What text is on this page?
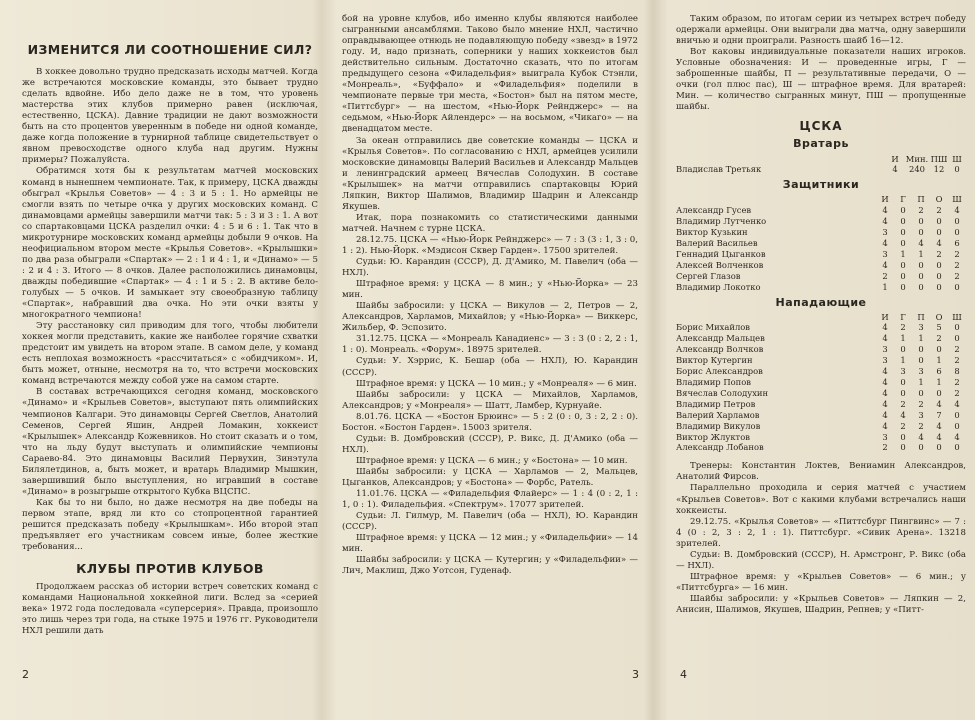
ИЗМЕНИТСЯ ЛИ СООТНОШЕНИЕ СИЛ?

В хоккее довольно трудно предсказать исходы матчей. Когда же встречаются московские команды, это бывает трудно сделать вдвойне. Ибо дело даже не в том, что уровень мастерства этих клубов примерно равен (исключая, естественно, ЦСКА). Давние традиции не дают возможности быть на сто процентов уверенным в победе ни одной команде, даже когда положение в турнирной таблице свидетельствует о явном превосходстве одного клуба над другим. Нужны примеры? Пожалуйста.

Обратимся хотя бы к результатам матчей московских команд в нынешнем чемпионате. Так, к примеру, ЦСКА дважды обыграл «Крылья Советов» — 4 : 3 и 5 : 1. Но армейцы не смогли взять по четыре очка у других московских команд. С динамовцами армейцы завершили матчи так: 5 : 3 и 3 : 1. А вот со спартаковцами ЦСКА разделил очки: 4 : 5 и 6 : 1. Так что в микротурнире московских команд армейцы добыли 9 очков. На неофициальном втором месте «Крылья Советов». «Крылышки» по два раза обыграли «Спартак» — 2 : 1 и 4 : 1, и «Динамо» — 5 : 2 и 4 : 3. Итого — 8 очков. Далее расположились динамовцы, дважды победившие «Спартак» — 4 : 1 и 5 : 2. В активе бело-голубых — 5 очков. И замыкает эту своеобразную таблицу «Спартак», набравший два очка. Но эти очки взяты у многократного чемпиона!

Эту расстановку сил приводим для того, чтобы любители хоккея могли представить, какие же наиболее горячие схватки предстоит им увидеть на втором этапе. В самом деле, у команд есть неплохая возможность «рассчитаться» с «обидчиком». И, быть может, отныне, несмотря на то, что встречи московских команд встречаются между собой уже на самом старте.

В составах встречающихся сегодня команд, московского «Динамо» и «Крыльев Советов», выступают пять олимпийских чемпионов Калгари. Это динамовцы Сергей Светлов, Анатолий Семенов, Сергей Яшин, Андрей Ломакин, хоккеист «Крылышек» Александр Кожевников. Но стоит сказать и о том, что на льду будут выступать и олимпийские чемпионы Сараево-84. Это динамовцы Василий Первухин, Зинэтула Билялетдинов, а, быть может, и вратарь Владимир Мышкин, завершивший было выступления, но игравший в составе «Динамо» в розыгрыше открытого Кубка ВЦСПС.

Как бы то ни было, но даже несмотря на две победы на первом этапе, вряд ли кто со стопроцентной гарантией решится предсказать победу «Крылышкам». Ибо второй этап предъявляет его участникам совсем иные, более жесткие требования...

КЛУБЫ ПРОТИВ КЛУБОВ

Продолжаем рассказ об истории встреч советских команд с командами Национальной хоккейной лиги. Вслед за «серией века» 1972 года последовала «суперсерия». Правда, произошло это лишь через три года, на стыке 1975 и 1976 гг. Руководители НХЛ решили дать

бой на уровне клубов, ибо именно клубы являются наиболее сыгранными ансамблями. Таково было мнение НХЛ, частично оправдывающее отнюдь не подавляющую победу «звезд» в 1972 году. И, надо признать, соперники у наших хоккеистов был действительно сильным. Достаточно сказать, что по итогам предыдущего сезона «Филадельфия» выиграла Кубок Стэнли, «Монреаль», «Буффало» и «Филадельфия» поделили в чемпионате первые три места, «Бостон» был на пятом месте, «Питтсбург» — на шестом, «Нью-Йорк Рейнджерс» — на седьмом, «Нью-Йорк Айлендерс» — на восьмом, «Чикаго» — на двенадцатом месте.

За океан отправились две советские команды — ЦСКА и «Крылья Советов». По согласованию с НХЛ, армейцев усилили московские динамовцы Валерий Васильев и Александр Мальцев и ленинградский армеец Вячеслав Солодухин. В составе «Крылышек» на матчи отправились спартаковцы Юрий Ляпкин, Виктор Шалимов, Владимир Шадрин и Александр Якушев.

Итак, пора познакомить со статистическими данными матчей. Начнем с турне ЦСКА.

28.12.75. ЦСКА — «Нью-Йорк Рейнджерс» — 7 : 3 (3 : 1, 3 : 0, 1 : 2). Нью-Йорк. «Мэдисон Сквер Гарден». 17500 зрителей.

Судьи: Ю. Карандин (СССР), Д. Д'Амико, М. Павелич (оба — НХЛ).

Штрафное время: у ЦСКА — 8 мин.; у «Нью-Йорка» — 23 мин.

Шайбы забросили: у ЦСКА — Викулов — 2, Петров — 2, Александров, Харламов, Михайлов; у «Нью-Йорка» — Виккерс, Жильбер, Ф. Эспозито.

31.12.75. ЦСКА — «Монреаль Канадиенс» — 3 : 3 (0 : 2, 2 : 1, 1 : 0). Монреаль. «Форум». 18975 зрителей.

Судьи: У. Хэррис, К. Бешар (оба — НХЛ), Ю. Карандин (СССР).

Штрафное время: у ЦСКА — 10 мин.; у «Монреаля» — 6 мин.

Шайбы забросили: у ЦСКА — Михайлов, Харламов, Александров; у «Монреаля» — Шатт, Ламбер, Курнуайе.

8.01.76. ЦСКА — «Бостон Брюинс» — 5 : 2 (0 : 0, 3 : 2, 2 : 0). Бостон. «Бостон Гарден». 15003 зрителя.

Судьи: В. Домбровский (СССР), Р. Викс, Д. Д'Амико (оба — НХЛ).

Штрафное время: у ЦСКА — 6 мин.; у «Бостона» — 10 мин.

Шайбы забросили: у ЦСКА — Харламов — 2, Мальцев, Цыганков, Александров; у «Бостона» — Форбс, Ратель.

11.01.76. ЦСКА — «Филадельфия Флайерс» — 1 : 4 (0 : 2, 1 : 1, 0 : 1). Филадельфия. «Спектрум». 17077 зрителей.

Судьи: Л. Гилмур, М. Павелич (оба — НХЛ), Ю. Карандин (СССР).

Штрафное время: у ЦСКА — 12 мин.; у «Филадельфии» — 14 мин.

Шайбы забросили: у ЦСКА — Кутергин; у «Филадельфии» — Лич, Маклиш, Джо Уотсон, Гуденаф.

Таким образом, по итогам серии из четырех встреч победу одержали армейцы. Они выиграли два матча, одну завершили вничью и одни проиграли. Разность шайб 16—12.

Вот каковы индивидуальные показатели наших игроков. Условные обозначения: И — проведенные игры, Г — заброшенные шайбы, П — результативные передачи, О — очки (гол плюс пас), Ш — штрафное время. Для вратарей: Мин. — количество сыгранных минут, ПШ — пропущенные шайбы.

ЦСКА
Вратарь
	И	Мин.	ПШ	Ш
Владислав Третьяк	4	240	12	0
Защитники
	И	Г	П	О	Ш
Александр Гусев	4	0	2	2	4
Владимир Лутченко	4	0	0	0	0
Виктор Кузькин	3	0	0	0	0
Валерий Васильев	4	0	4	4	6
Геннадий Цыганков	3	1	1	2	2
Алексей Волченков	4	0	0	0	2
Сергей Глазов	2	0	0	0	2
Владимир Локотко	1	0	0	0	0
Нападающие
	И	Г	П	О	Ш
Борис Михайлов	4	2	3	5	0
Александр Мальцев	4	1	1	2	0
Александр Волчков	3	0	0	0	2
Виктор Кутергин	3	1	0	1	2
Борис Александров	4	3	3	6	8
Владимир Попов	4	0	1	1	2
Вячеслав Солодухин	4	0	0	0	2
Владимир Петров	4	2	2	4	4
Валерий Харламов	4	4	3	7	0
Владимир Викулов	4	2	2	4	0
Виктор Жлуктов	3	0	4	4	4
Александр Лобанов	2	0	0	0	0

Тренеры: Константин Локтев, Вениамин Александров, Анатолий Фирсов.

Параллельно проходила и серия матчей с участием «Крыльев Советов». Вот с какими клубами встречались наши хоккеисты.

29.12.75. «Крылья Советов» — «Питтсбург Пингвинс» — 7 : 4 (0 : 2, 3 : 2, 1 : 1). Питтсбург. «Сивик Арена». 13218 зрителей.

Судьи: В. Домбровский (СССР), Н. Армстронг, Р. Викс (оба — НХЛ).

Штрафное время: у «Крыльев Советов» — 6 мин.; у «Питтсбурга» — 16 мин.

Шайбы забросили: у «Крыльев Советов» — Ляпкин — 2, Анисин, Шалимов, Якушев, Шадрин, Репнев; у «Питт-

2	3	4
